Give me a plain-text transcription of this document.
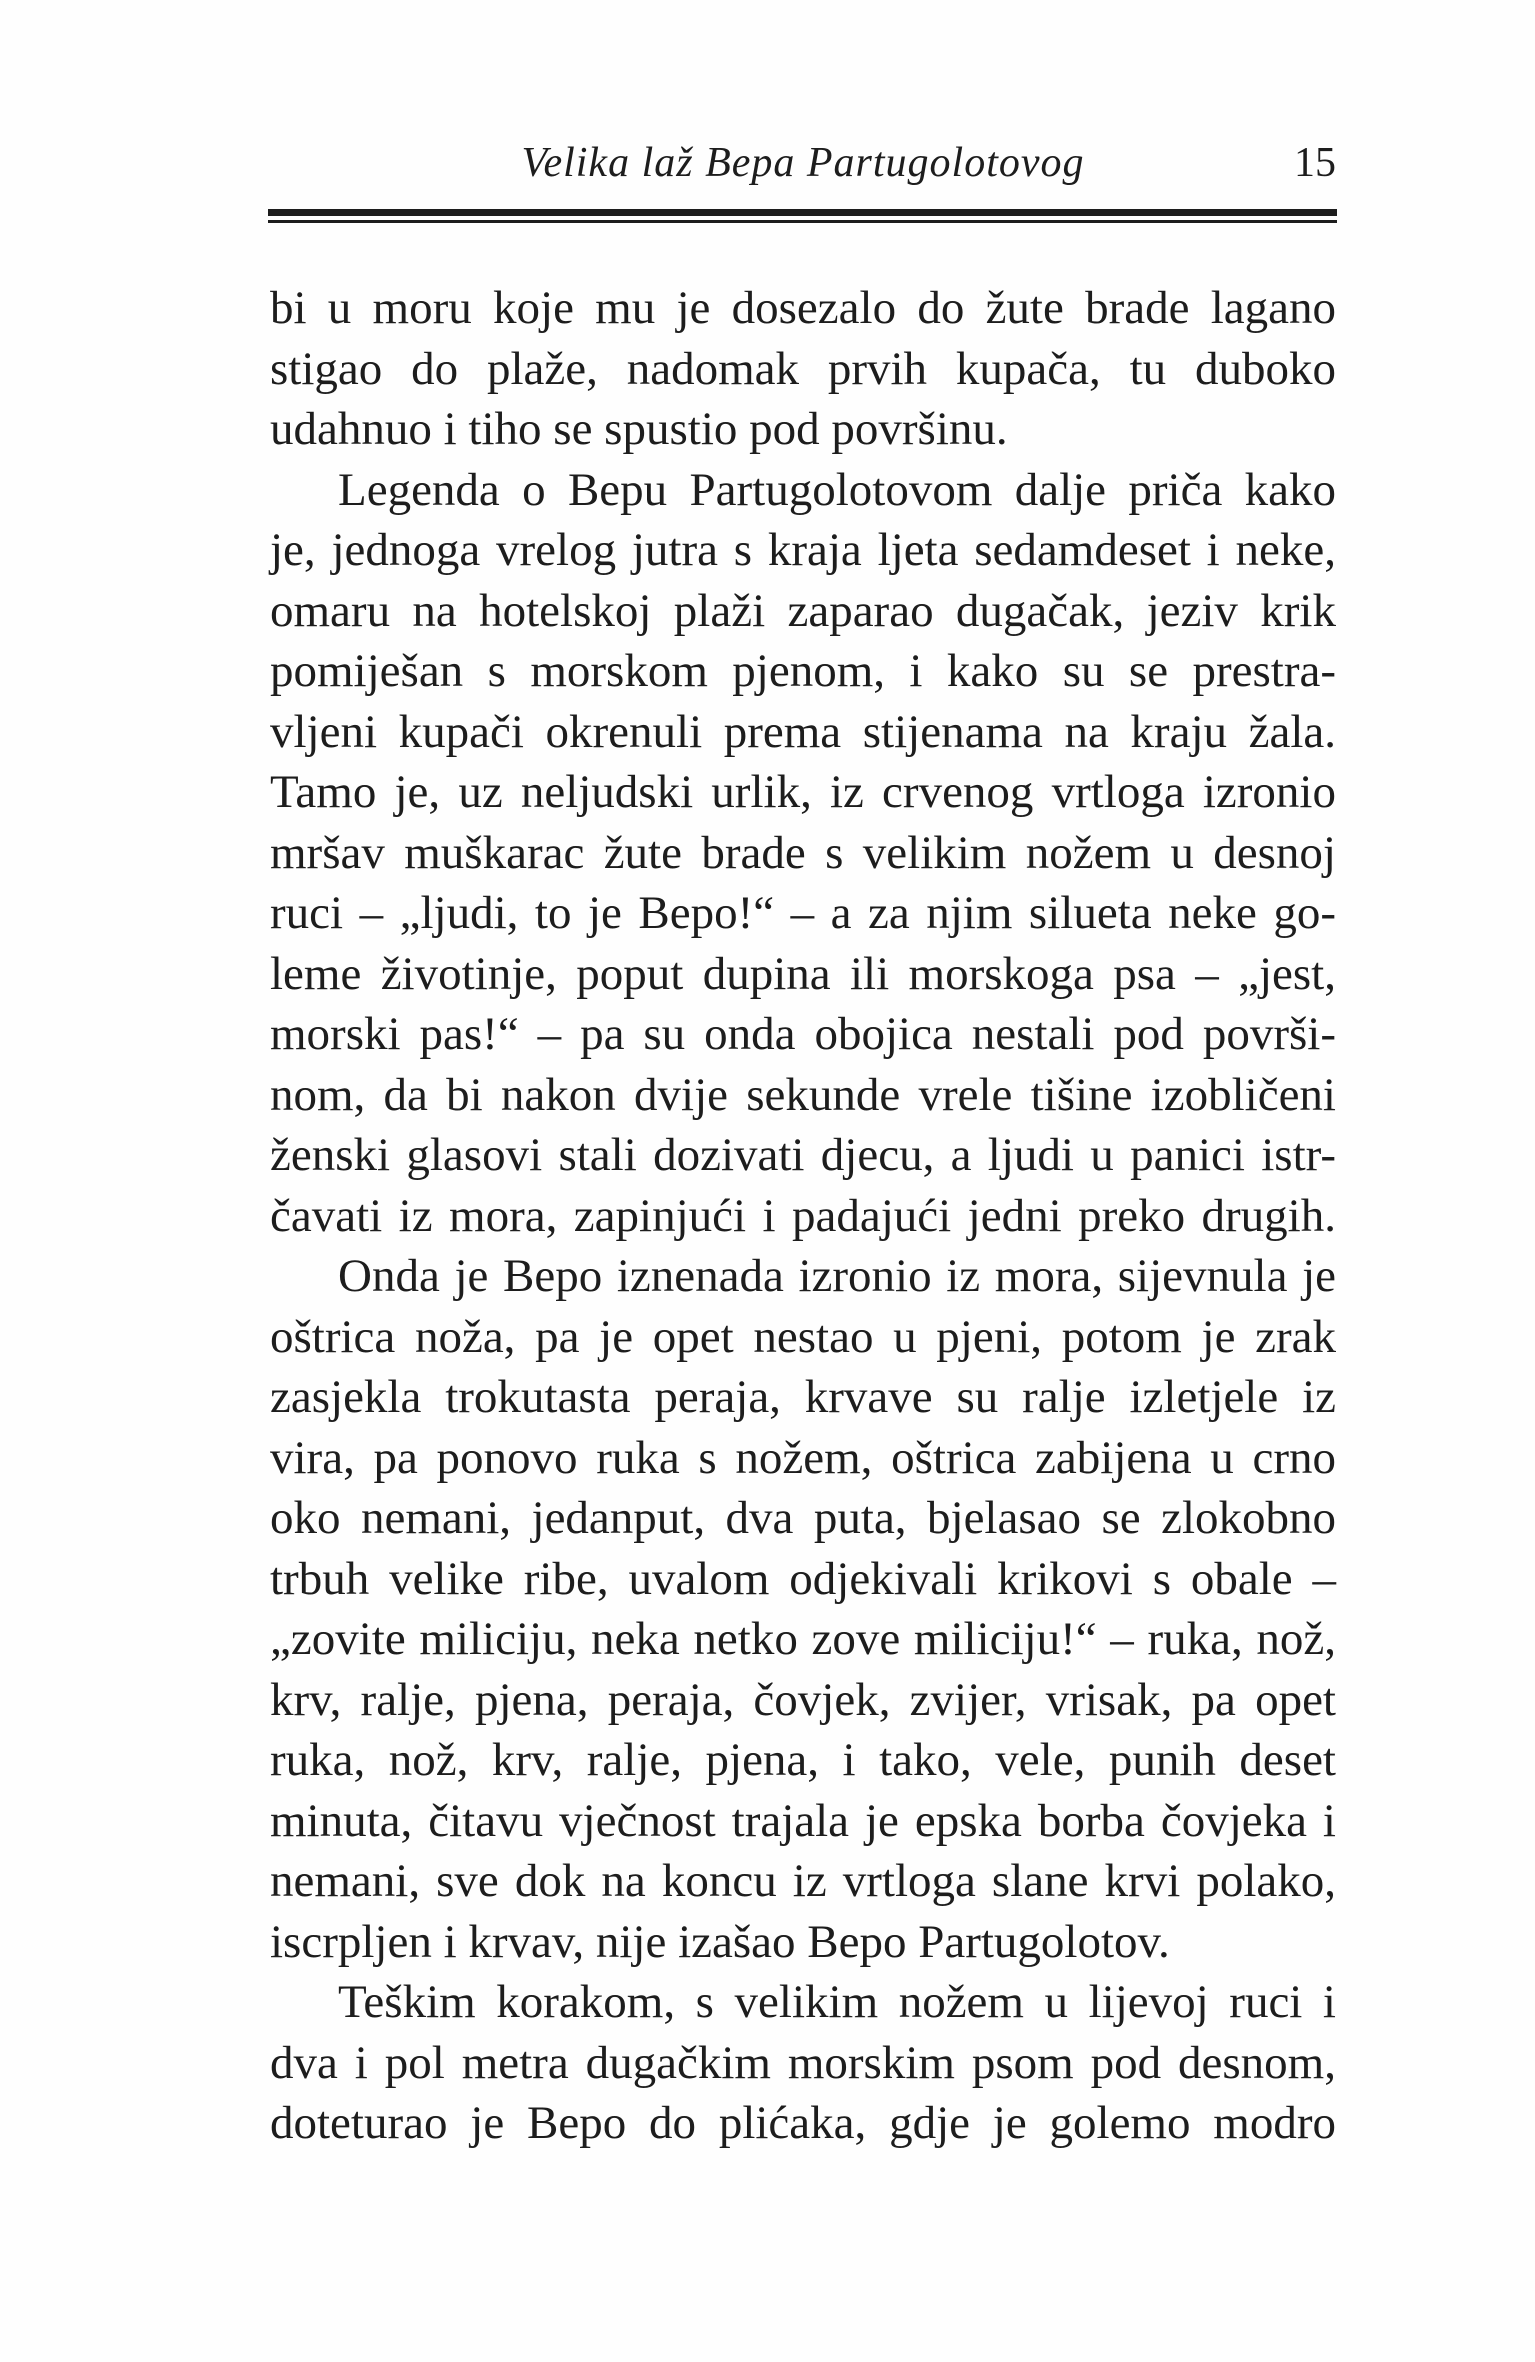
Velika laž Bepa Partugolotovog	15
bi u moru koje mu je dosezalo do žute brade lagano
stigao do plaže, nadomak prvih kupača, tu duboko
udahnuo i tiho se spustio pod površinu.
Legenda o Bepu Partugolotovom dalje priča kako
je, jednoga vrelog jutra s kraja ljeta sedamdeset i neke,
omaru na hotelskoj plaži zaparao dugačak, jeziv krik
pomiješan s morskom pjenom, i kako su se prestra-
vljeni kupači okrenuli prema stijenama na kraju žala.
Tamo je, uz neljudski urlik, iz crvenog vrtloga izronio
mršav muškarac žute brade s velikim nožem u desnoj
ruci – „ljudi, to je Bepo!“ – a za njim silueta neke go-
leme životinje, poput dupina ili morskoga psa – „jest,
morski pas!“ – pa su onda obojica nestali pod površi-
nom, da bi nakon dvije sekunde vrele tišine izobličeni
ženski glasovi stali dozivati djecu, a ljudi u panici istr-
čavati iz mora, zapinjući i padajući jedni preko drugih.
Onda je Bepo iznenada izronio iz mora, sijevnula je
oštrica noža, pa je opet nestao u pjeni, potom je zrak
zasjekla trokutasta peraja, krvave su ralje izletjele iz
vira, pa ponovo ruka s nožem, oštrica zabijena u crno
oko nemani, jedanput, dva puta, bjelasao se zlokobno
trbuh velike ribe, uvalom odjekivali krikovi s obale –
„zovite miliciju, neka netko zove miliciju!“ – ruka, nož,
krv, ralje, pjena, peraja, čovjek, zvijer, vrisak, pa opet
ruka, nož, krv, ralje, pjena, i tako, vele, punih deset
minuta, čitavu vječnost trajala je epska borba čovjeka i
nemani, sve dok na koncu iz vrtloga slane krvi polako,
iscrpljen i krvav, nije izašao Bepo Partugolotov.
Teškim korakom, s velikim nožem u lijevoj ruci i
dva i pol metra dugačkim morskim psom pod desnom,
doteturao je Bepo do plićaka, gdje je golemo modro
